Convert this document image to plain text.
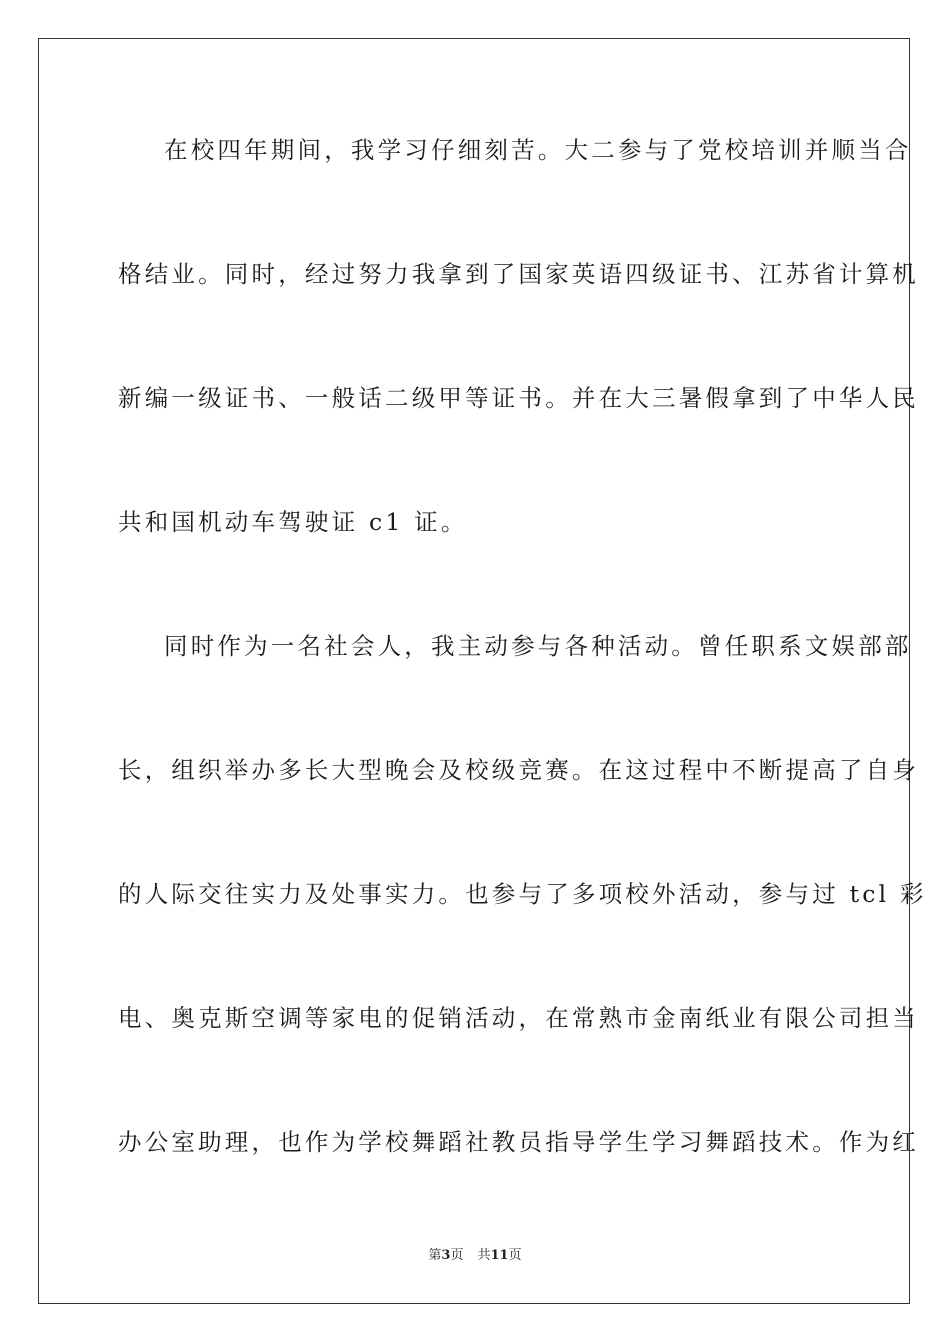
在校四年期间，我学习仔细刻苦。大二参与了党校培训并顺当合
格结业。同时，经过努力我拿到了国家英语四级证书、江苏省计算机
新编一级证书、一般话二级甲等证书。并在大三暑假拿到了中华人民
共和国机动车驾驶证 c1 证。
同时作为一名社会人，我主动参与各种活动。曾任职系文娱部部
长，组织举办多长大型晚会及校级竞赛。在这过程中不断提高了自身
的人际交往实力及处事实力。也参与了多项校外活动，参与过 tcl 彩
电、奥克斯空调等家电的促销活动，在常熟市金南纸业有限公司担当
办公室助理，也作为学校舞蹈社教员指导学生学习舞蹈技术。作为红
第3页 共11页
